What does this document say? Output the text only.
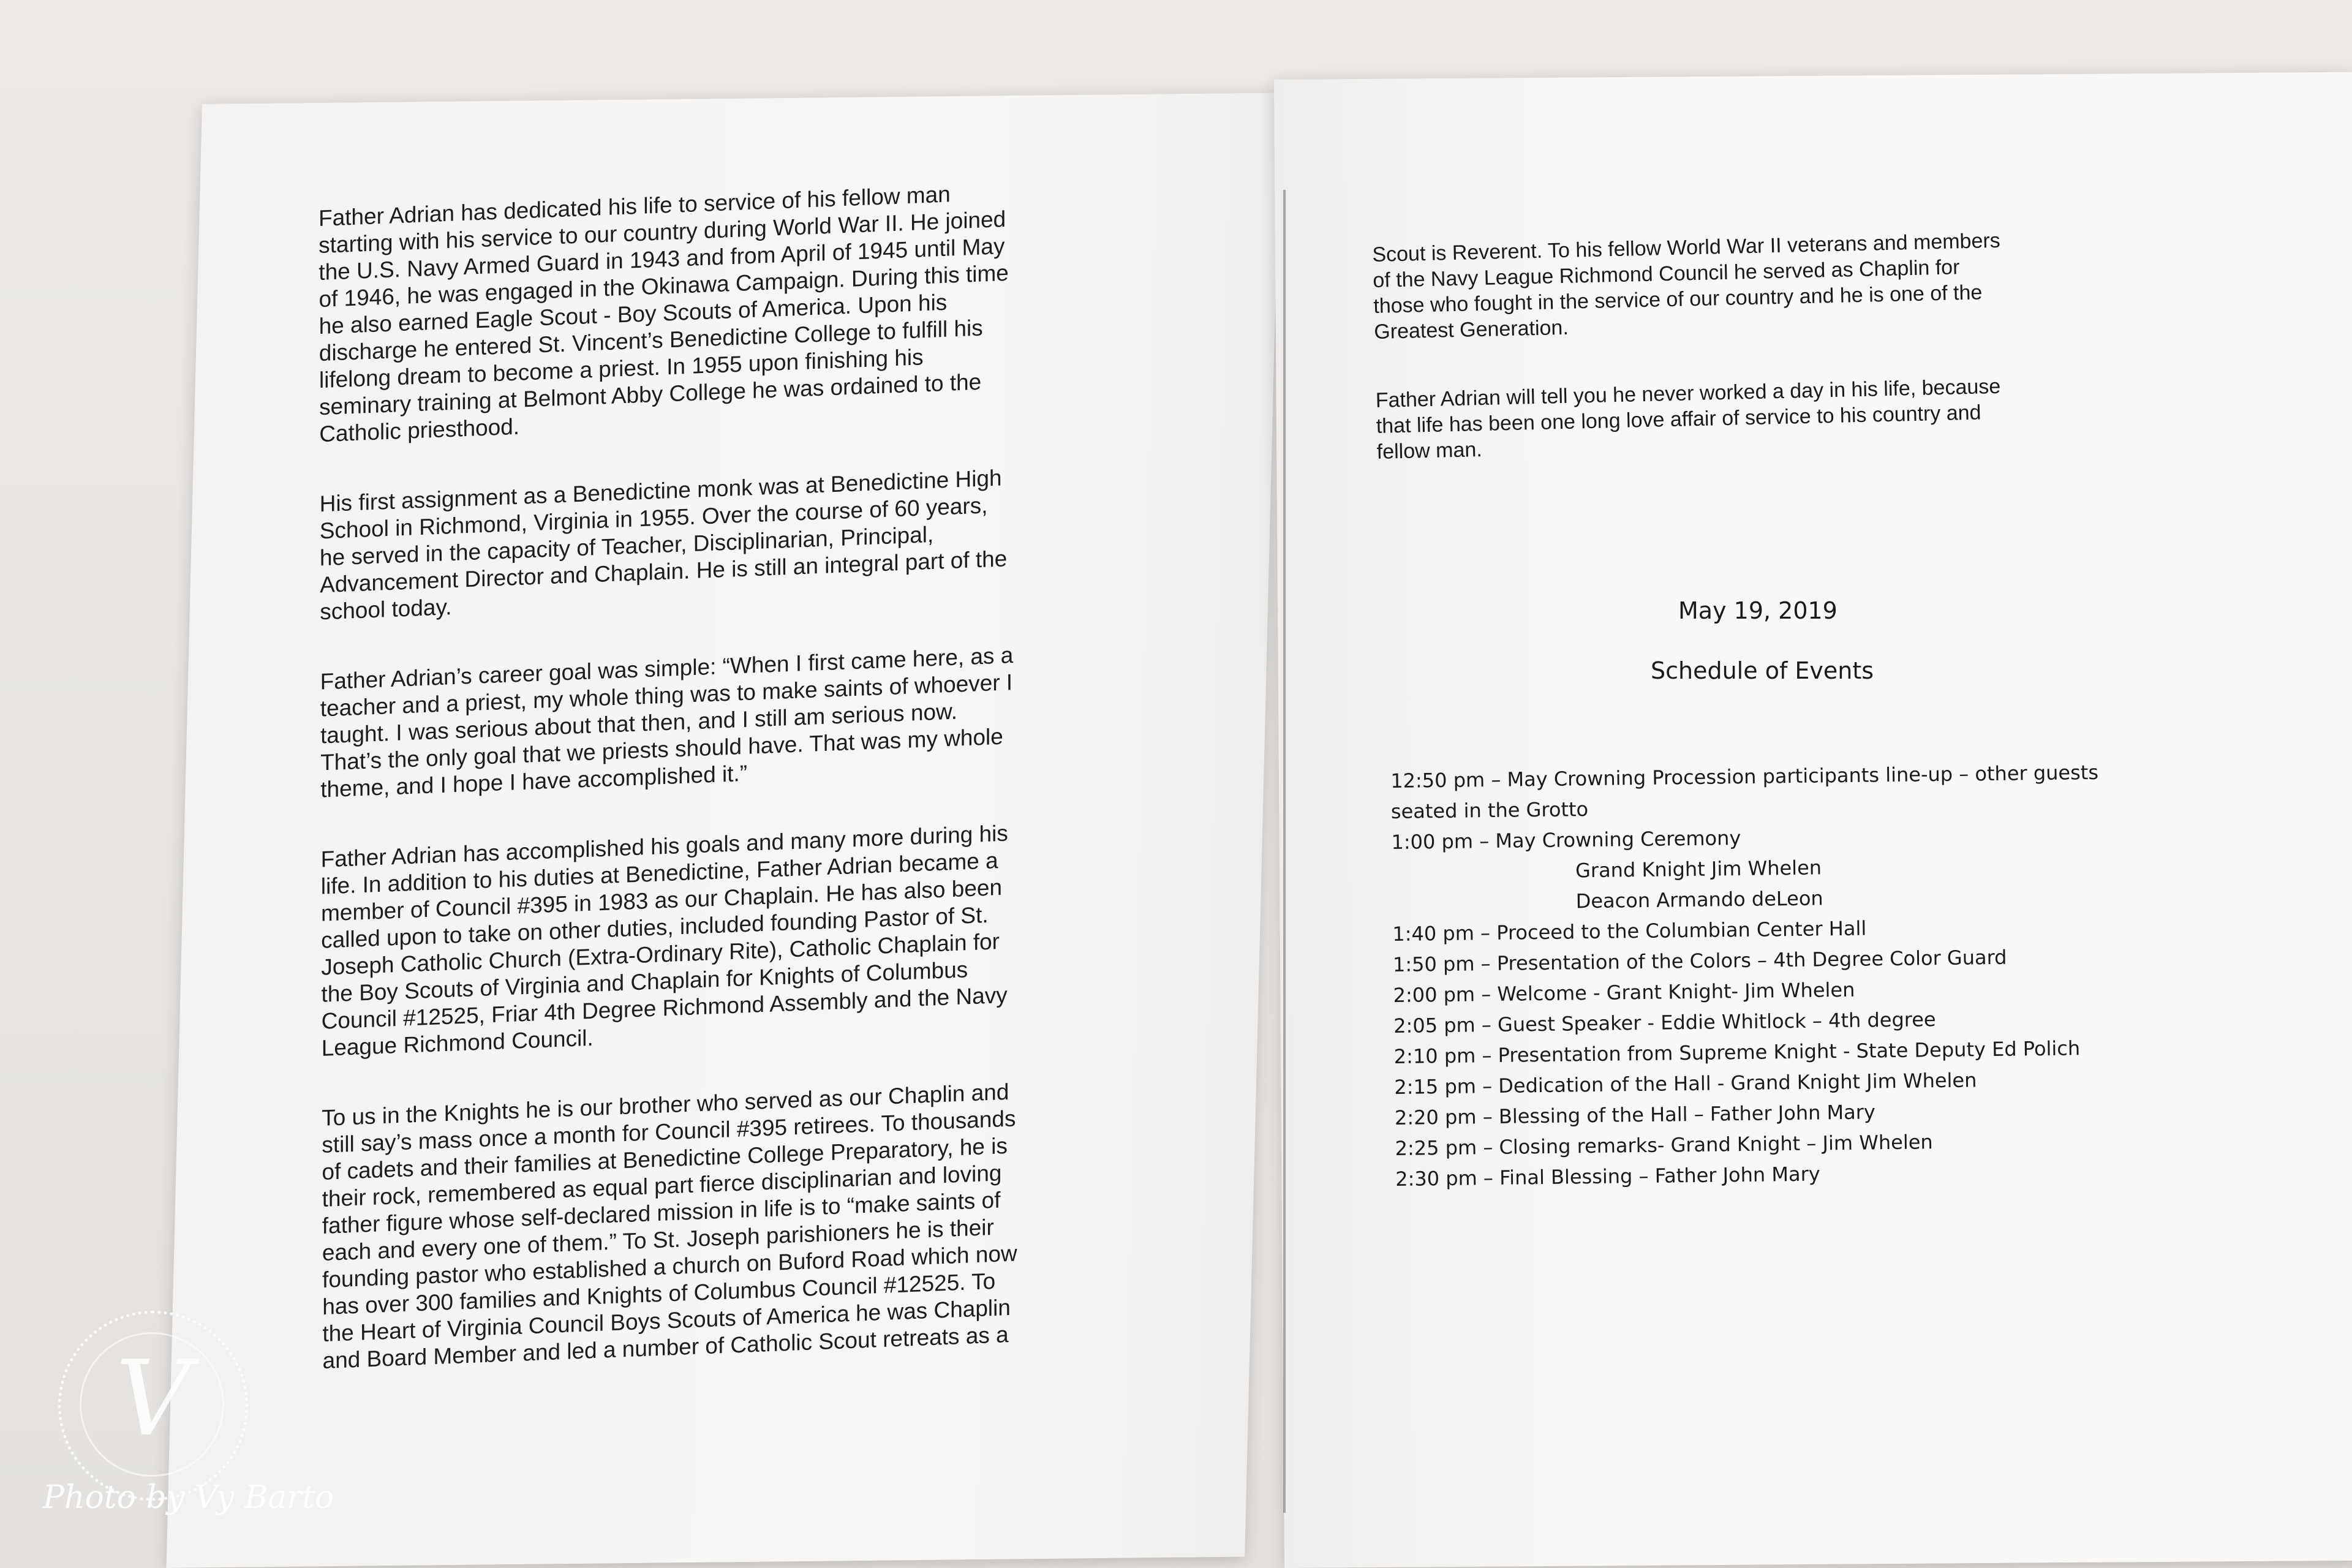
Father Adrian has dedicated his life to service of his fellow man
starting with his service to our country during World War II. He joined
the U.S. Navy Armed Guard in 1943 and from April of 1945 until May
of 1946, he was engaged in the Okinawa Campaign. During this time
he also earned Eagle Scout - Boy Scouts of America. Upon his
discharge he entered St. Vincent’s Benedictine College to fulfill his
lifelong dream to become a priest. In 1955 upon finishing his
seminary training at Belmont Abby College he was ordained to the
Catholic priesthood.

His first assignment as a Benedictine monk was at Benedictine High
School in Richmond, Virginia in 1955. Over the course of 60 years,
he served in the capacity of Teacher, Disciplinarian, Principal,
Advancement Director and Chaplain. He is still an integral part of the
school today.

Father Adrian’s career goal was simple: “When I first came here, as a
teacher and a priest, my whole thing was to make saints of whoever I
taught. I was serious about that then, and I still am serious now.
That’s the only goal that we priests should have. That was my whole
theme, and I hope I have accomplished it.”

Father Adrian has accomplished his goals and many more during his
life. In addition to his duties at Benedictine, Father Adrian became a
member of Council #395 in 1983 as our Chaplain. He has also been
called upon to take on other duties, included founding Pastor of St.
Joseph Catholic Church (Extra-Ordinary Rite), Catholic Chaplain for
the Boy Scouts of Virginia and Chaplain for Knights of Columbus
Council #12525, Friar 4th Degree Richmond Assembly and the Navy
League Richmond Council.

To us in the Knights he is our brother who served as our Chaplin and
still say’s mass once a month for Council #395 retirees. To thousands
of cadets and their families at Benedictine College Preparatory, he is
their rock, remembered as equal part fierce disciplinarian and loving
father figure whose self-declared mission in life is to “make saints of
each and every one of them.” To St. Joseph parishioners he is their
founding pastor who established a church on Buford Road which now
has over 300 families and Knights of Columbus Council #12525. To
the Heart of Virginia Council Boys Scouts of America he was Chaplin
and Board Member and led a number of Catholic Scout retreats as a

Scout is Reverent. To his fellow World War II veterans and members
of the Navy League Richmond Council he served as Chaplin for
those who fought in the service of our country and he is one of the
Greatest Generation.

Father Adrian will tell you he never worked a day in his life, because
that life has been one long love affair of service to his country and
fellow man.

May 19, 2019
Schedule of Events
12:50 pm – May Crowning Procession participants line-up – other guests seated in the Grotto
1:00 pm – May Crowning Ceremony
Grand Knight Jim Whelen
Deacon Armando deLeon
1:40 pm – Proceed to the Columbian Center Hall
1:50 pm – Presentation of the Colors – 4th Degree Color Guard
2:00 pm – Welcome - Grant Knight- Jim Whelen
2:05 pm – Guest Speaker - Eddie Whitlock – 4th degree
2:10 pm – Presentation from Supreme Knight - State Deputy Ed Polich
2:15 pm – Dedication of the Hall - Grand Knight Jim Whelen
2:20 pm – Blessing of the Hall – Father John Mary
2:25 pm – Closing remarks- Grand Knight – Jim Whelen
2:30 pm – Final Blessing – Father John Mary
V
Photo by Vy Barto
